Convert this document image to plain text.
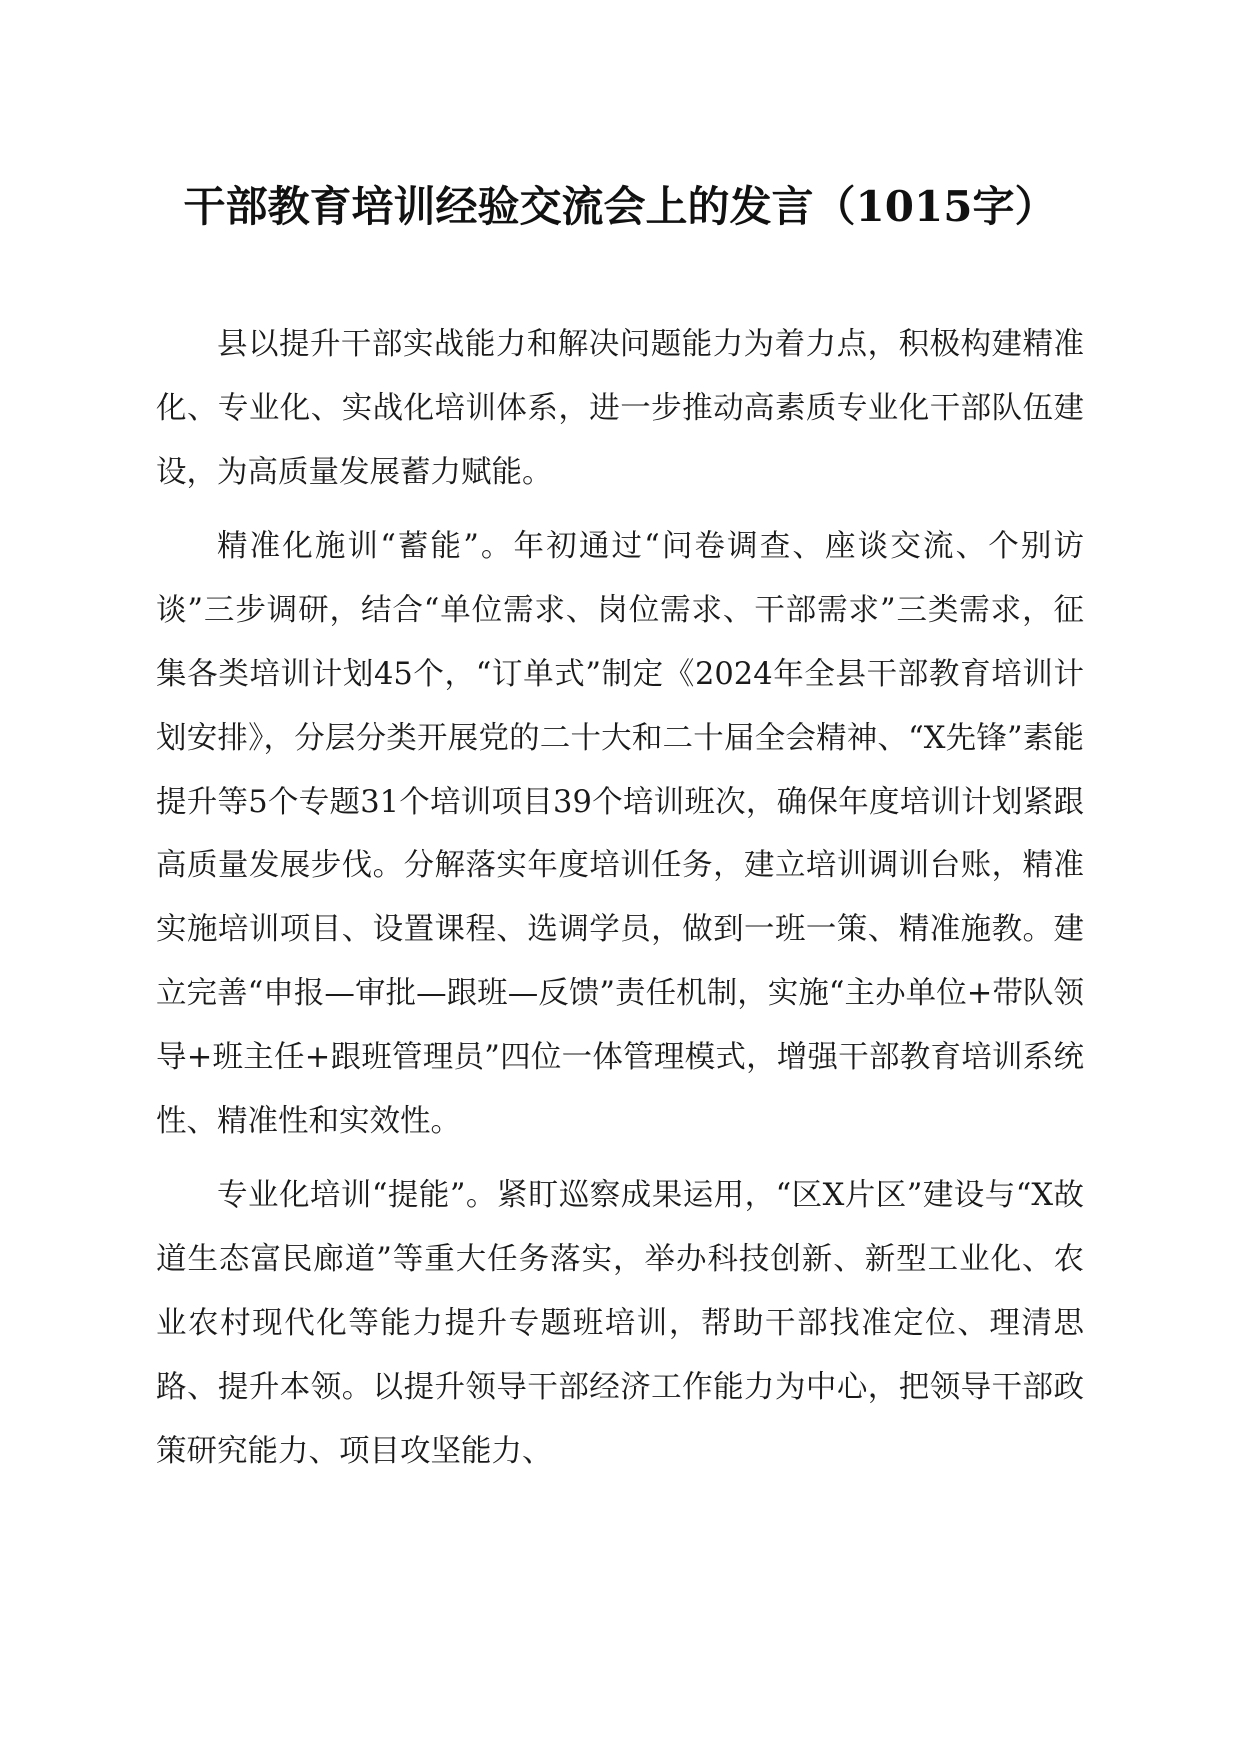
干部教育培训经验交流会上的发言（1015字）

县以提升干部实战能力和解决问题能力为着力点，积极构建精准化、专业化、实战化培训体系，进一步推动高素质专业化干部队伍建设，为高质量发展蓄力赋能。

精准化施训“蓄能”。年初通过“问卷调查、座谈交流、个别访谈”三步调研，结合“单位需求、岗位需求、干部需求”三类需求，征集各类培训计划45个，“订单式”制定《2024年全县干部教育培训计划安排》，分层分类开展党的二十大和二十届全会精神、“X先锋”素能提升等5个专题31个培训项目39个培训班次，确保年度培训计划紧跟高质量发展步伐。分解落实年度培训任务，建立培训调训台账，精准实施培训项目、设置课程、选调学员，做到一班一策、精准施教。建立完善“申报—审批—跟班—反馈”责任机制，实施“主办单位+带队领导+班主任+跟班管理员”四位一体管理模式，增强干部教育培训系统性、精准性和实效性。

专业化培训“提能”。紧盯巡察成果运用，“区X片区”建设与“X故道生态富民廊道”等重大任务落实，举办科技创新、新型工业化、农业农村现代化等能力提升专题班培训，帮助干部找准定位、理清思路、提升本领。以提升领导干部经济工作能力为中心，把领导干部政策研究能力、项目攻坚能力、
